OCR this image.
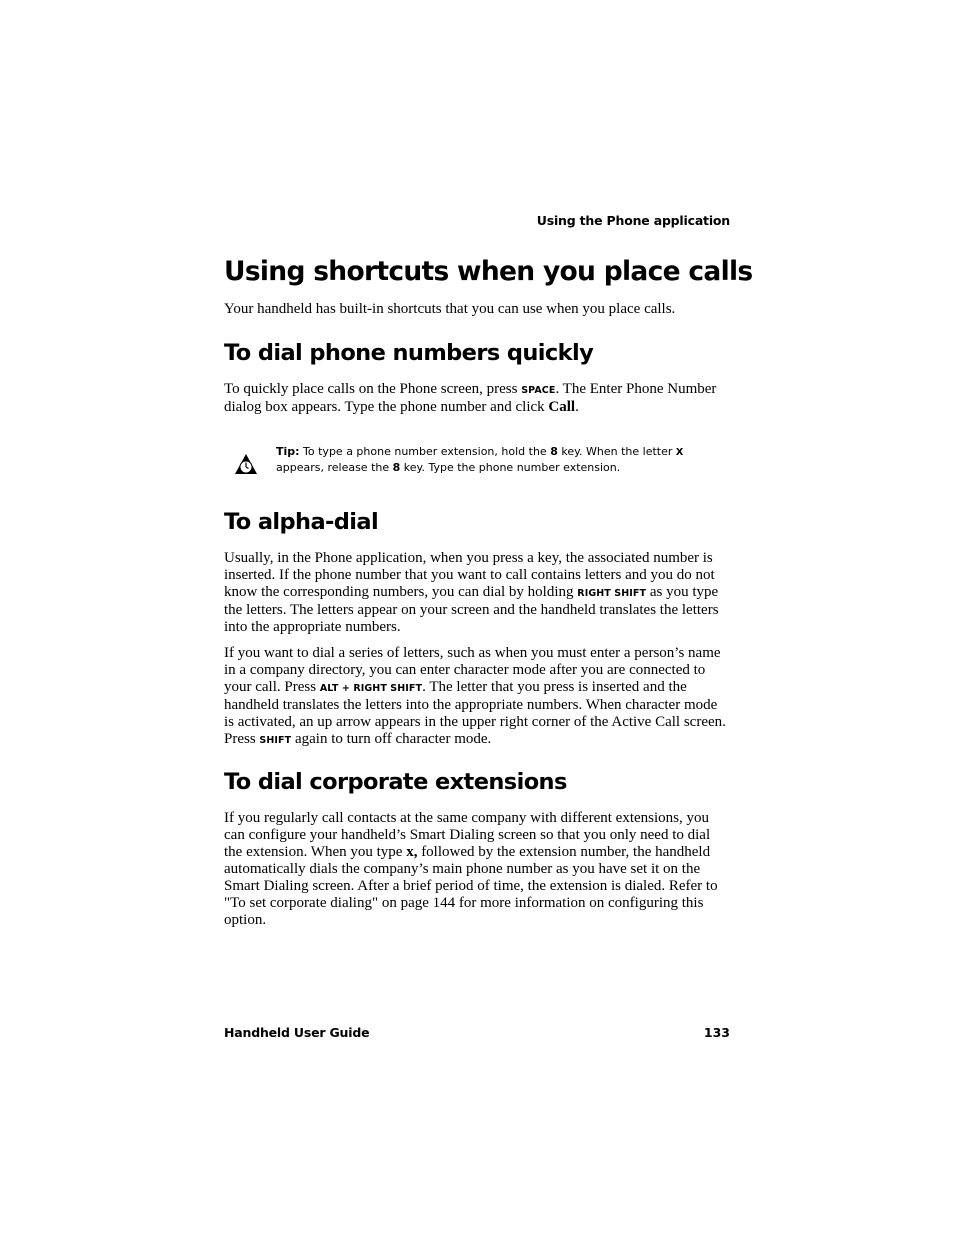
Using the Phone application
Using shortcuts when you place calls

Your handheld has built-in shortcuts that you can use when you place calls.

To dial phone numbers quickly

To quickly place calls on the Phone screen, press SPACE. The Enter Phone Number dialog box appears. Type the phone number and click Call.

Tip: To type a phone number extension, hold the 8 key. When the letter X appears, release the 8 key. Type the phone number extension.
To alpha-dial

Usually, in the Phone application, when you press a key, the associated number is inserted. If the phone number that you want to call contains letters and you do not know the corresponding numbers, you can dial by holding RIGHT SHIFT as you type the letters. The letters appear on your screen and the handheld translates the letters into the appropriate numbers.

If you want to dial a series of letters, such as when you must enter a person’s name in a company directory, you can enter character mode after you are connected to your call. Press ALT + RIGHT SHIFT. The letter that you press is inserted and the handheld translates the letters into the appropriate numbers. When character mode is activated, an up arrow appears in the upper right corner of the Active Call screen. Press SHIFT again to turn off character mode.

To dial corporate extensions

If you regularly call contacts at the same company with different extensions, you can configure your handheld’s Smart Dialing screen so that you only need to dial the extension. When you type x, followed by the extension number, the handheld automatically dials the company’s main phone number as you have set it on the Smart Dialing screen. After a brief period of time, the extension is dialed. Refer to "To set corporate dialing" on page 144 for more information on configuring this option.

Handheld User Guide	133
